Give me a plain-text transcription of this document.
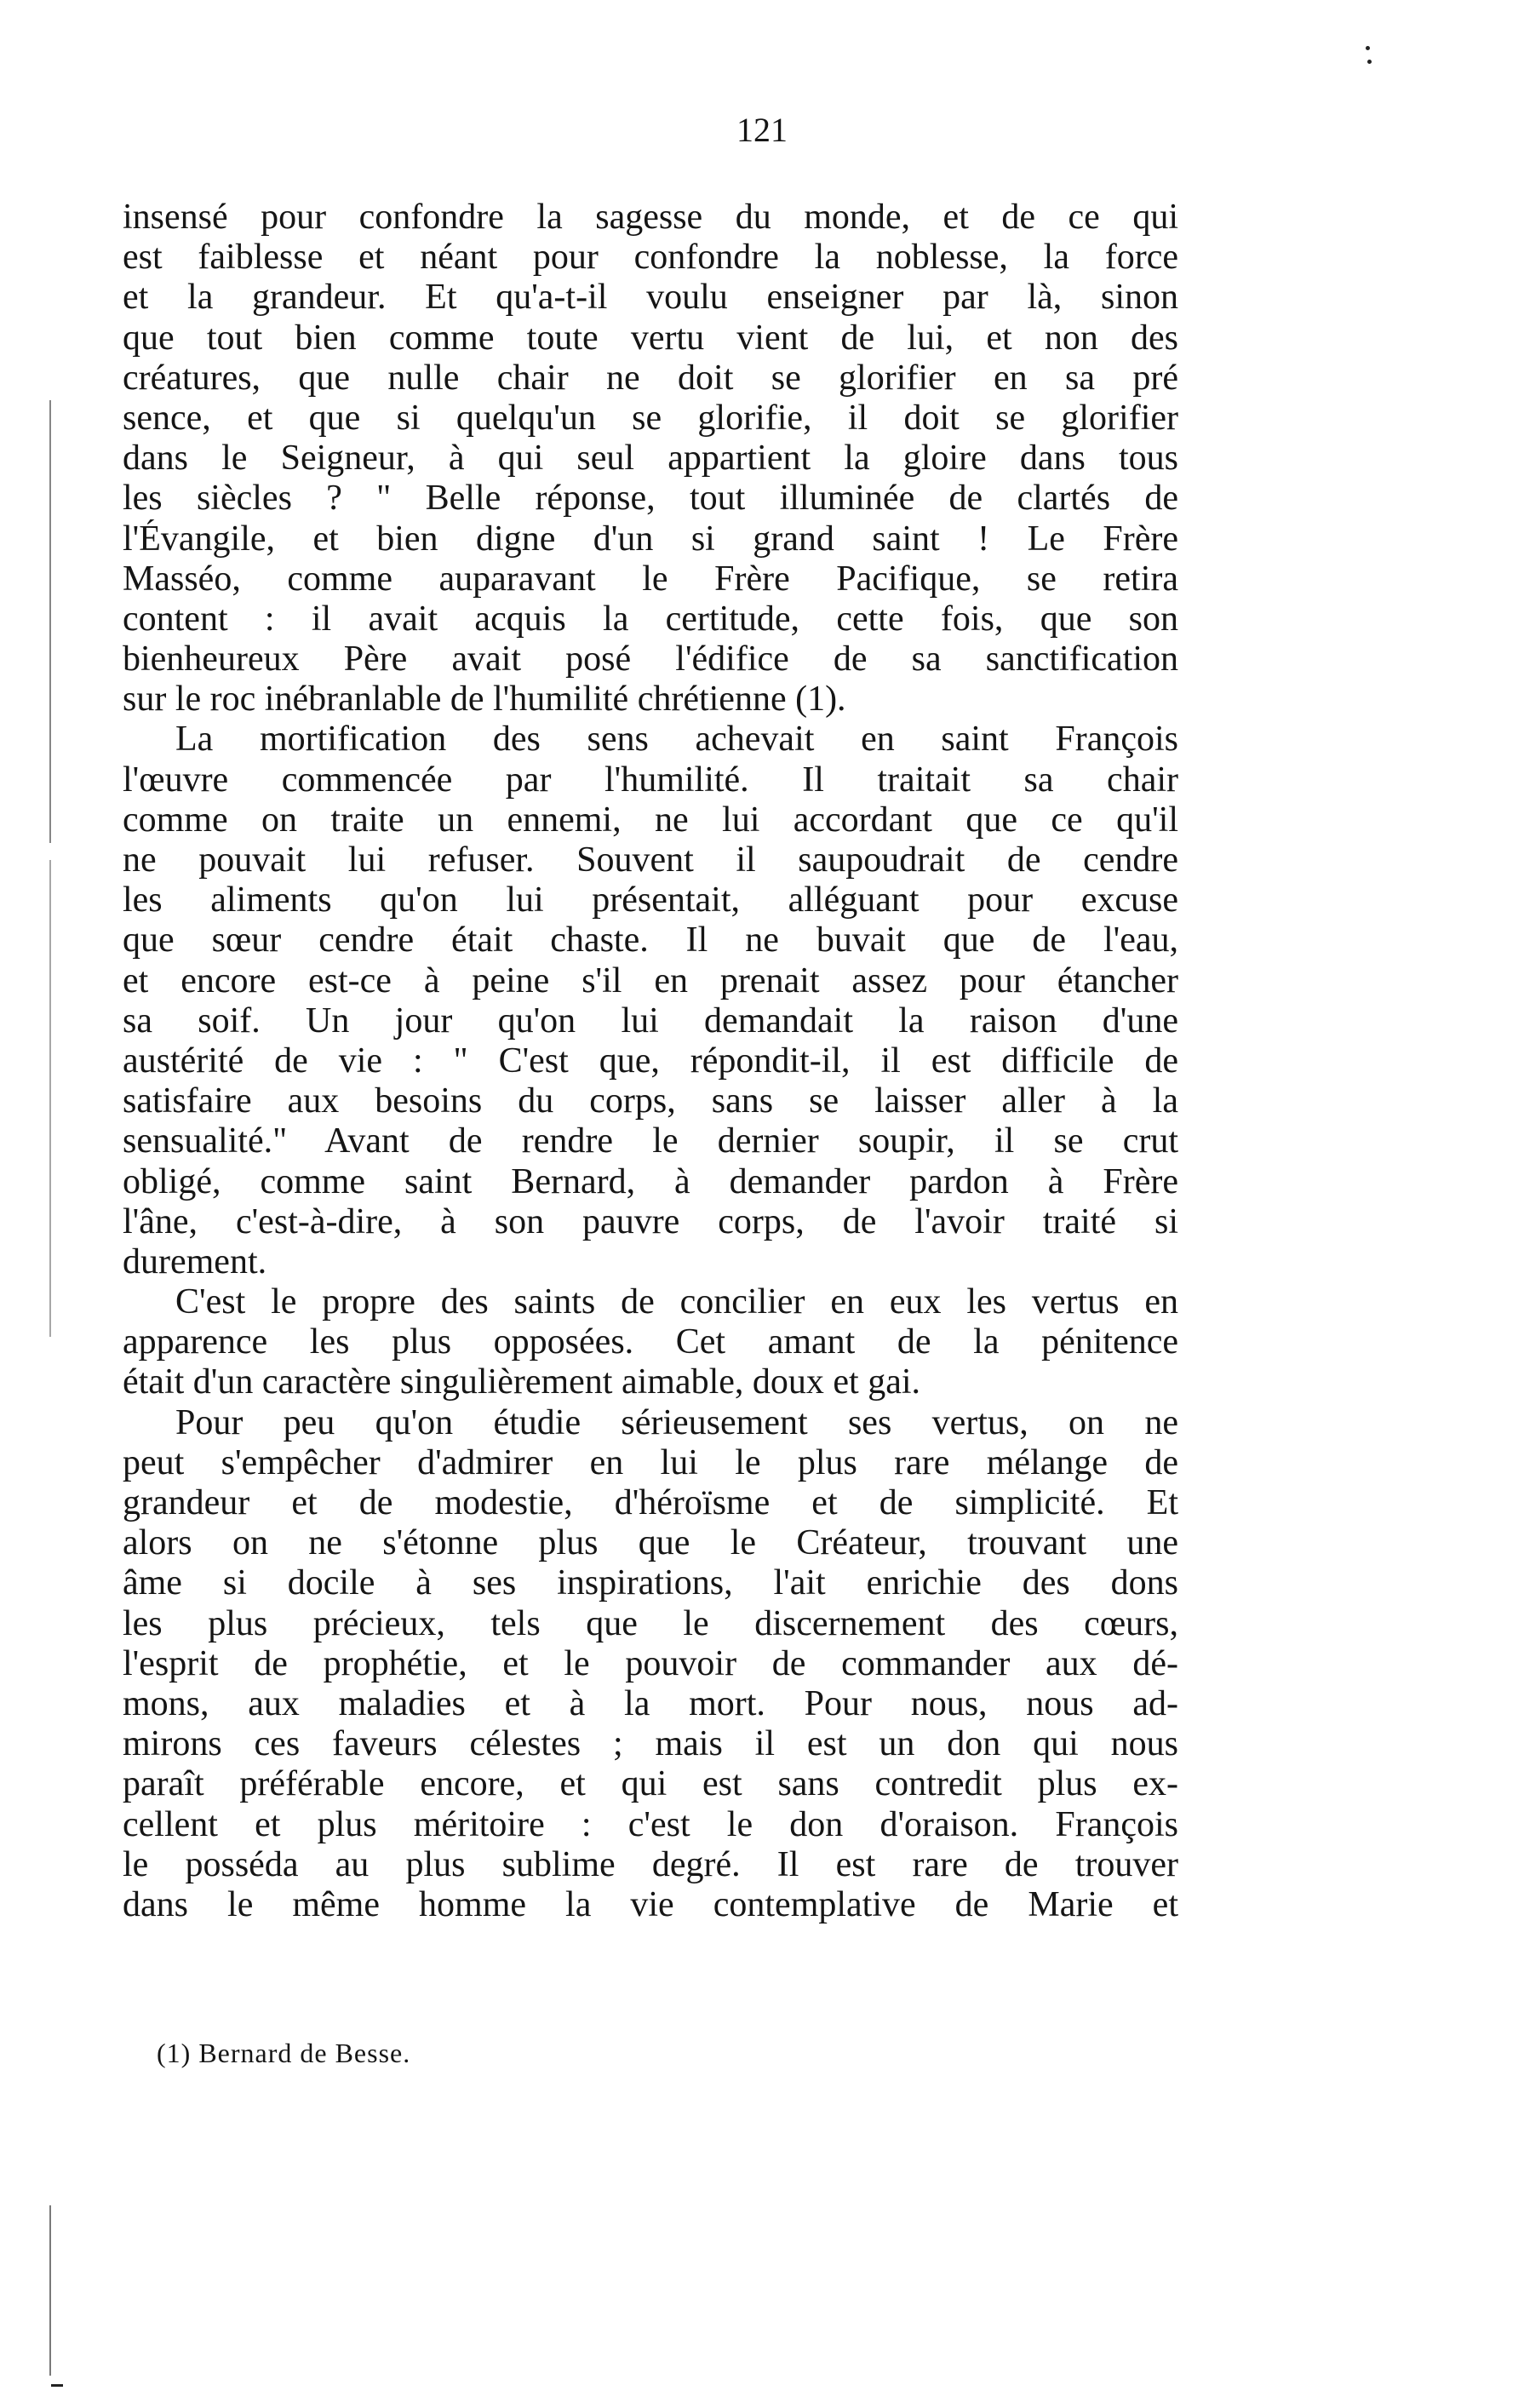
121
insensé pour confondre la sagesse du monde, et de ce qui
est faiblesse et néant pour confondre la noblesse, la force
et la grandeur. Et qu'a-t-il voulu enseigner par là, sinon
que tout bien comme toute vertu vient de lui, et non des
créatures, que nulle chair ne doit se glorifier en sa pré
sence, et que si quelqu'un se glorifie, il doit se glorifier
dans le Seigneur, à qui seul appartient la gloire dans tous
les siècles ? " Belle réponse, tout illuminée de clartés de
l'Évangile, et bien digne d'un si grand saint ! Le Frère
Masséo, comme auparavant le Frère Pacifique, se retira
content : il avait acquis la certitude, cette fois, que son
bienheureux Père avait posé l'édifice de sa sanctification
sur le roc inébranlable de l'humilité chrétienne (1).
La mortification des sens achevait en saint François
l'œuvre commencée par l'humilité. Il traitait sa chair
comme on traite un ennemi, ne lui accordant que ce qu'il
ne pouvait lui refuser. Souvent il saupoudrait de cendre
les aliments qu'on lui présentait, alléguant pour excuse
que sœur cendre était chaste. Il ne buvait que de l'eau,
et encore est-ce à peine s'il en prenait assez pour étancher
sa soif. Un jour qu'on lui demandait la raison d'une
austérité de vie : " C'est que, répondit-il, il est difficile de
satisfaire aux besoins du corps, sans se laisser aller à la
sensualité." Avant de rendre le dernier soupir, il se crut
obligé, comme saint Bernard, à demander pardon à Frère
l'âne, c'est-à-dire, à son pauvre corps, de l'avoir traité si
durement.
C'est le propre des saints de concilier en eux les vertus en
apparence les plus opposées. Cet amant de la pénitence
était d'un caractère singulièrement aimable, doux et gai.
Pour peu qu'on étudie sérieusement ses vertus, on ne
peut s'empêcher d'admirer en lui le plus rare mélange de
grandeur et de modestie, d'héroïsme et de simplicité. Et
alors on ne s'étonne plus que le Créateur, trouvant une
âme si docile à ses inspirations, l'ait enrichie des dons
les plus précieux, tels que le discernement des cœurs,
l'esprit de prophétie, et le pouvoir de commander aux dé-
mons, aux maladies et à la mort. Pour nous, nous ad-
mirons ces faveurs célestes ; mais il est un don qui nous
paraît préférable encore, et qui est sans contredit plus ex-
cellent et plus méritoire : c'est le don d'oraison. François
le posséda au plus sublime degré. Il est rare de trouver
dans le même homme la vie contemplative de Marie et
(1) Bernard de Besse.
